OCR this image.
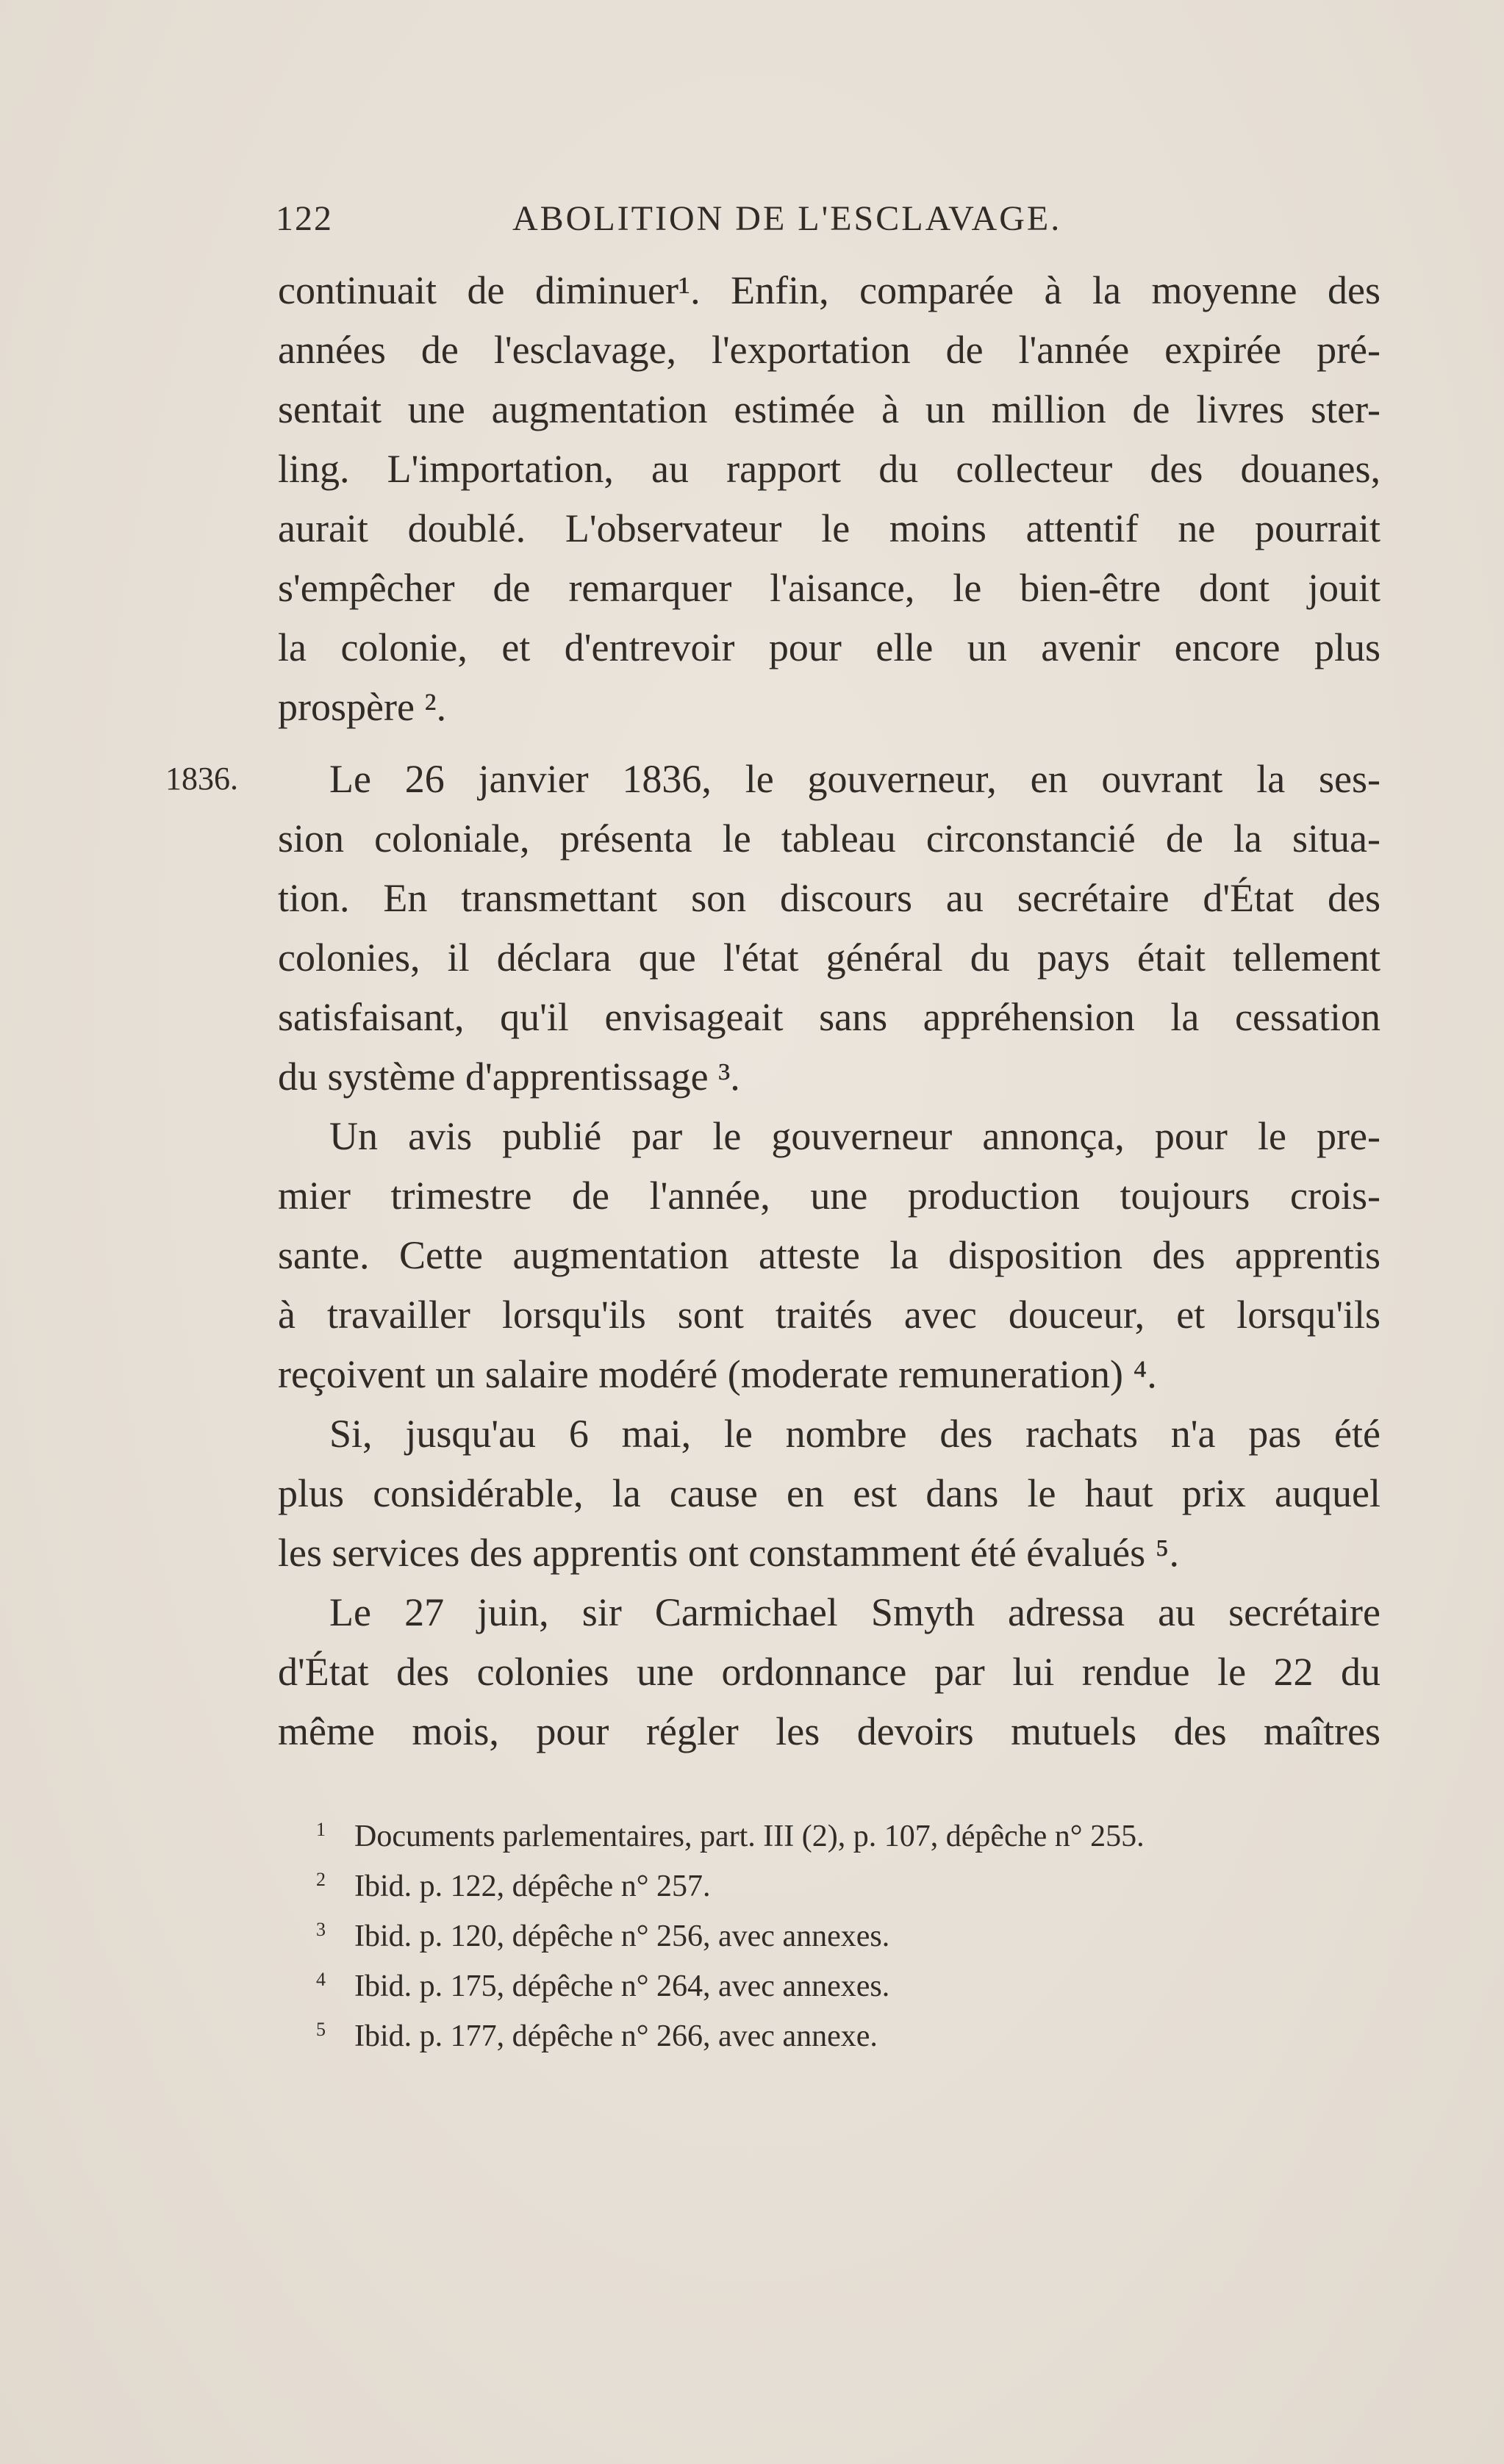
122	ABOLITION DE L'ESCLAVAGE.
1836.
continuait de diminuer¹. Enfin, comparée à la moyenne des
années de l'esclavage, l'exportation de l'année expirée pré-
sentait une augmentation estimée à un million de livres ster-
ling. L'importation, au rapport du collecteur des douanes,
aurait doublé. L'observateur le moins attentif ne pourrait
s'empêcher de remarquer l'aisance, le bien-être dont jouit
la colonie, et d'entrevoir pour elle un avenir encore plus
prospère ².
Le 26 janvier 1836, le gouverneur, en ouvrant la ses-
sion coloniale, présenta le tableau circonstancié de la situa-
tion. En transmettant son discours au secrétaire d'État des
colonies, il déclara que l'état général du pays était tellement
satisfaisant, qu'il envisageait sans appréhension la cessation
du système d'apprentissage ³.
Un avis publié par le gouverneur annonça, pour le pre-
mier trimestre de l'année, une production toujours crois-
sante. Cette augmentation atteste la disposition des apprentis
à travailler lorsqu'ils sont traités avec douceur, et lorsqu'ils
reçoivent un salaire modéré (moderate remuneration) ⁴.
Si, jusqu'au 6 mai, le nombre des rachats n'a pas été
plus considérable, la cause en est dans le haut prix auquel
les services des apprentis ont constamment été évalués ⁵.
Le 27 juin, sir Carmichael Smyth adressa au secrétaire
d'État des colonies une ordonnance par lui rendue le 22 du
même mois, pour régler les devoirs mutuels des maîtres
1 Documents parlementaires, part. III (2), p. 107, dépêche n° 255.
2 Ibid. p. 122, dépêche n° 257.
3 Ibid. p. 120, dépêche n° 256, avec annexes.
4 Ibid. p. 175, dépêche n° 264, avec annexes.
5 Ibid. p. 177, dépêche n° 266, avec annexe.
